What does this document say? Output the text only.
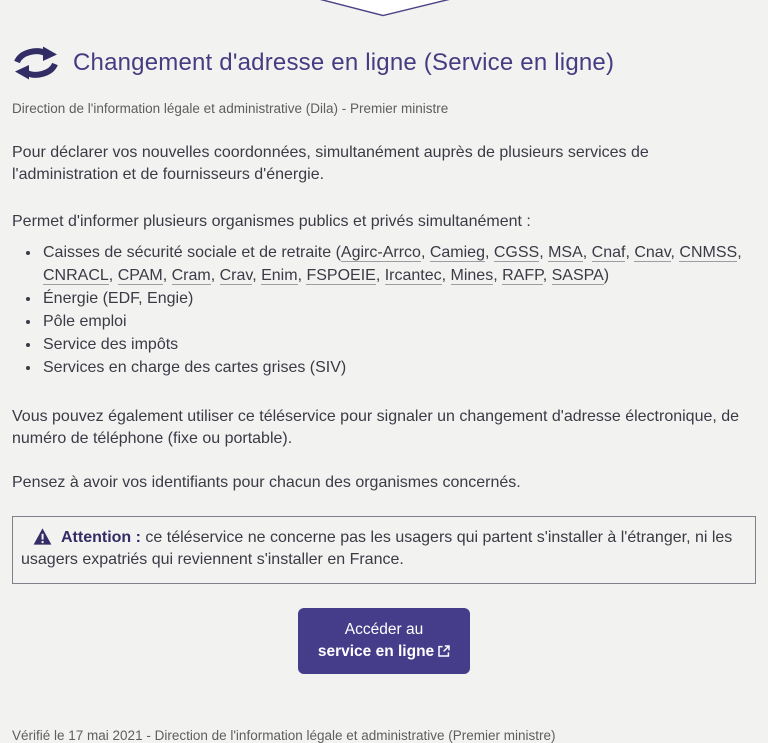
Changement d'adresse en ligne (Service en ligne)

Direction de l'information légale et administrative (Dila) - Premier ministre

Pour déclarer vos nouvelles coordonnées, simultanément auprès de plusieurs services de l'administration et de fournisseurs d'énergie.

Permet d'informer plusieurs organismes publics et privés simultanément :

• Caisses de sécurité sociale et de retraite (Agirc-Arrco, Camieg, CGSS, MSA, Cnaf, Cnav, CNMSS, CNRACL, CPAM, Cram, Crav, Enim, FSPOEIE, Ircantec, Mines, RAFP, SASPA)
• Énergie (EDF, Engie)
• Pôle emploi
• Service des impôts
• Services en charge des cartes grises (SIV)

Vous pouvez également utiliser ce téléservice pour signaler un changement d'adresse électronique, de numéro de téléphone (fixe ou portable).

Pensez à avoir vos identifiants pour chacun des organismes concernés.

Attention : ce téléservice ne concerne pas les usagers qui partent s'installer à l'étranger, ni les usagers expatriés qui reviennent s'installer en France.

Accéder au
service en ligne

Vérifié le 17 mai 2021 - Direction de l'information légale et administrative (Premier ministre)
